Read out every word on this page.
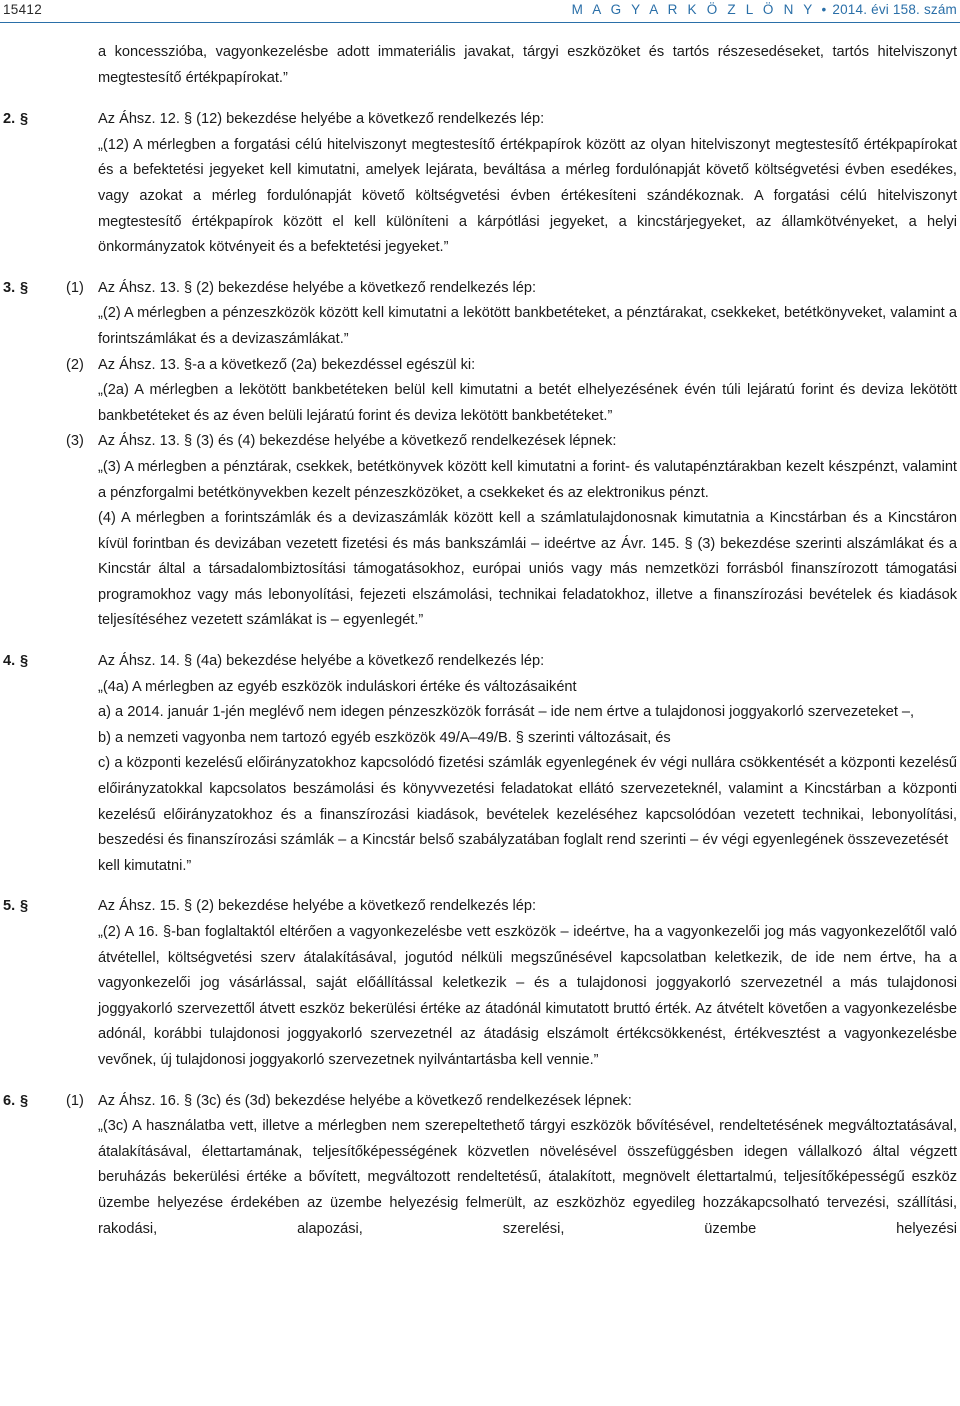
15412	M A G Y A R K Ö Z L Ö N Y • 2014. évi 158. szám

a koncesszióba, vagyonkezelésbe adott immateriális javakat, tárgyi eszközöket és tartós részesedéseket, tartós hitelviszonyt megtestesítő értékpapírokat.”

2. §	Az Áhsz. 12. § (12) bekezdése helyébe a következő rendelkezés lép:

„(12) A mérlegben a forgatási célú hitelviszonyt megtestesítő értékpapírok között az olyan hitelviszonyt megtestesítő értékpapírokat és a befektetési jegyeket kell kimutatni, amelyek lejárata, beváltása a mérleg fordulónapját követő költségvetési évben esedékes, vagy azokat a mérleg fordulónapját követő költségvetési évben értékesíteni szándékoznak. A forgatási célú hitelviszonyt megtestesítő értékpapírok között el kell különíteni a kárpótlási jegyeket, a kincstárjegyeket, az államkötvényeket, a helyi önkormányzatok kötvényeit és a befektetési jegyeket.”

3. §	(1) Az Áhsz. 13. § (2) bekezdése helyébe a következő rendelkezés lép:

„(2) A mérlegben a pénzeszközök között kell kimutatni a lekötött bankbetéteket, a pénztárakat, csekkeket, betétkönyveket, valamint a forintszámlákat és a devizaszámlákat.”

(2) Az Áhsz. 13. §-a a következő (2a) bekezdéssel egészül ki:

„(2a) A mérlegben a lekötött bankbetéteken belül kell kimutatni a betét elhelyezésének évén túli lejáratú forint és deviza lekötött bankbetéteket és az éven belüli lejáratú forint és deviza lekötött bankbetéteket.”

(3) Az Áhsz. 13. § (3) és (4) bekezdése helyébe a következő rendelkezések lépnek:

„(3) A mérlegben a pénztárak, csekkek, betétkönyvek között kell kimutatni a forint- és valutapénztárakban kezelt készpénzt, valamint a pénzforgalmi betétkönyvekben kezelt pénzeszközöket, a csekkeket és az elektronikus pénzt.

(4) A mérlegben a forintszámlák és a devizaszámlák között kell a számlatulajdonosnak kimutatnia a Kincstárban és a Kincstáron kívül forintban és devizában vezetett fizetési és más bankszámlái – ideértve az Ávr. 145. § (3) bekezdése szerinti alszámlákat és a Kincstár által a társadalombiztosítási támogatásokhoz, európai uniós vagy más nemzetközi forrásból finanszírozott támogatási programokhoz vagy más lebonyolítási, fejezeti elszámolási, technikai feladatokhoz, illetve a finanszírozási bevételek és kiadások teljesítéséhez vezetett számlákat is – egyenlegét.”

4. §	Az Áhsz. 14. § (4a) bekezdése helyébe a következő rendelkezés lép:

„(4a) A mérlegben az egyéb eszközök induláskori értéke és változásaiként

a) a 2014. január 1-jén meglévő nem idegen pénzeszközök forrását – ide nem értve a tulajdonosi joggyakorló szervezeteket –,

b) a nemzeti vagyonba nem tartozó egyéb eszközök 49/A–49/B. § szerinti változásait, és

c) a központi kezelésű előirányzatokhoz kapcsolódó fizetési számlák egyenlegének év végi nullára csökkentését a központi kezelésű előirányzatokkal kapcsolatos beszámolási és könyvvezetési feladatokat ellátó szervezeteknél, valamint a Kincstárban a központi kezelésű előirányzatokhoz és a finanszírozási kiadások, bevételek kezeléséhez kapcsolódóan vezetett technikai, lebonyolítási, beszedési és finanszírozási számlák – a Kincstár belső szabályzatában foglalt rend szerinti – év végi egyenlegének összevezetését

kell kimutatni.”

5. §	Az Áhsz. 15. § (2) bekezdése helyébe a következő rendelkezés lép:

„(2) A 16. §-ban foglaltaktól eltérően a vagyonkezelésbe vett eszközök – ideértve, ha a vagyonkezelői jog más vagyonkezelőtől való átvétellel, költségvetési szerv átalakításával, jogutód nélküli megszűnésével kapcsolatban keletkezik, de ide nem értve, ha a vagyonkezelői jog vásárlással, saját előállítással keletkezik – és a tulajdonosi joggyakorló szervezetnél a más tulajdonosi joggyakorló szervezettől átvett eszköz bekerülési értéke az átadónál kimutatott bruttó érték. Az átvételt követően a vagyonkezelésbe adónál, korábbi tulajdonosi joggyakorló szervezetnél az átadásig elszámolt értékcsökkenést, értékvesztést a vagyonkezelésbe vevőnek, új tulajdonosi joggyakorló szervezetnek nyilvántartásba kell vennie.”

6. §	(1) Az Áhsz. 16. § (3c) és (3d) bekezdése helyébe a következő rendelkezések lépnek:

„(3c) A használatba vett, illetve a mérlegben nem szerepeltethető tárgyi eszközök bővítésével, rendeltetésének megváltoztatásával, átalakításával, élettartamának, teljesítőképességének közvetlen növelésével összefüggésben idegen vállalkozó által végzett beruházás bekerülési értéke a bővített, megváltozott rendeltetésű, átalakított, megnövelt élettartalmú, teljesítőképességű eszköz üzembe helyezése érdekében az üzembe helyezésig felmerült, az eszközhöz egyedileg hozzákapcsolható tervezési, szállítási, rakodási, alapozási, szerelési, üzembe helyezési
